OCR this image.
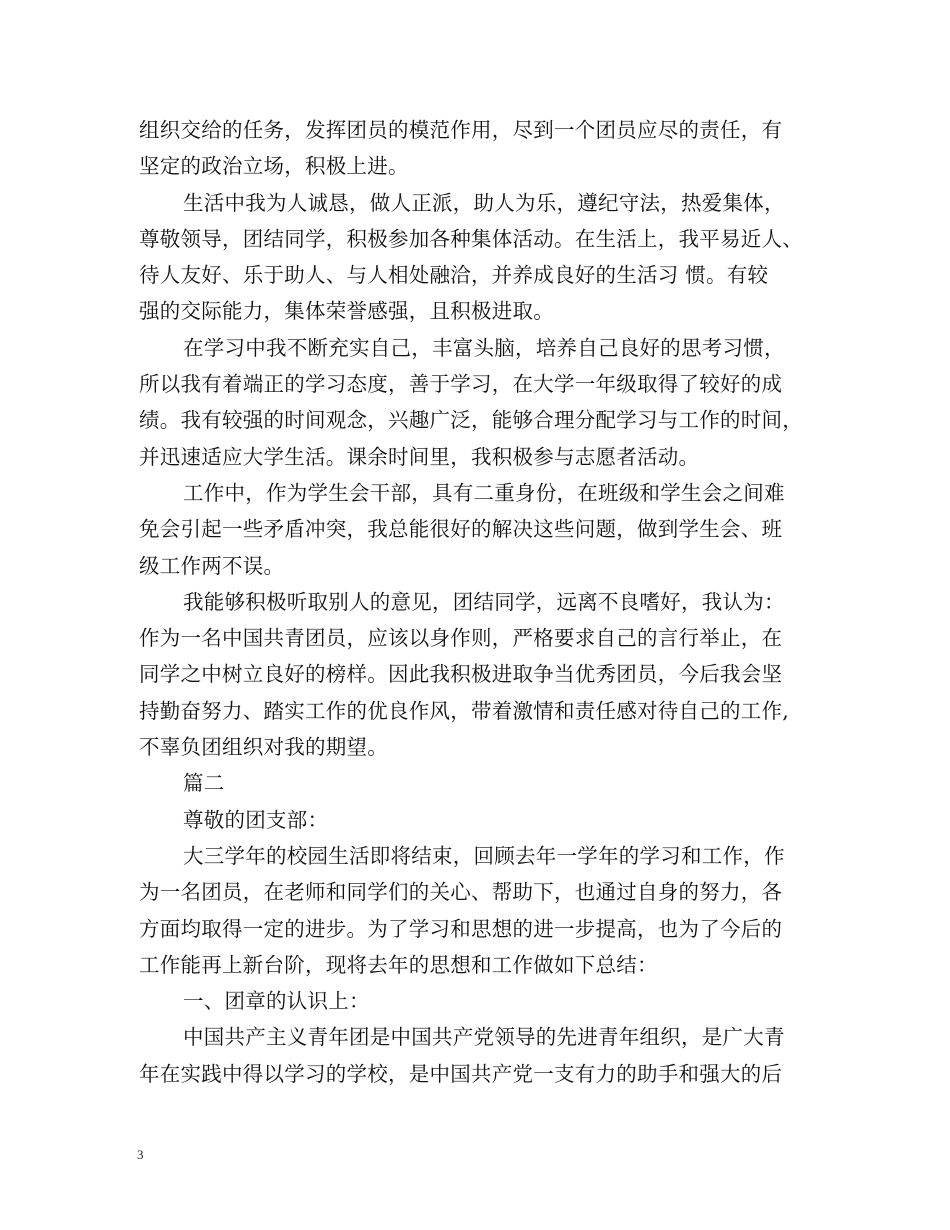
组织交给的任务，发挥团员的模范作用，尽到一个团员应尽的责任，有
坚定的政治立场，积极上进。
生活中我为人诚恳，做人正派，助人为乐，遵纪守法，热爱集体，
尊敬领导，团结同学，积极参加各种集体活动。在生活上，我平易近人、
待人友好、乐于助人、与人相处融洽，并养成良好的生活习 惯。有较
强的交际能力，集体荣誉感强，且积极进取。
在学习中我不断充实自己，丰富头脑，培养自己良好的思考习惯，
所以我有着端正的学习态度，善于学习，在大学一年级取得了较好的成
绩。我有较强的时间观念，兴趣广泛，能够合理分配学习与工作的时间，
并迅速适应大学生活。课余时间里，我积极参与志愿者活动。
工作中，作为学生会干部，具有二重身份，在班级和学生会之间难
免会引起一些矛盾冲突，我总能很好的解决这些问题，做到学生会、班
级工作两不误。
我能够积极听取别人的意见，团结同学，远离不良嗜好，我认为：
作为一名中国共青团员，应该以身作则，严格要求自己的言行举止，在
同学之中树立良好的榜样。因此我积极进取争当优秀团员，今后我会坚
持勤奋努力、踏实工作的优良作风，带着激情和责任感对待自己的工作,
不辜负团组织对我的期望。
篇二
尊敬的团支部：
大三学年的校园生活即将结束，回顾去年一学年的学习和工作，作
为一名团员，在老师和同学们的关心、帮助下，也通过自身的努力，各
方面均取得一定的进步。为了学习和思想的进一步提高，也为了今后的
工作能再上新台阶，现将去年的思想和工作做如下总结：
一、团章的认识上：
中国共产主义青年团是中国共产党领导的先进青年组织，是广大青
年在实践中得以学习的学校，是中国共产党一支有力的助手和强大的后
3
